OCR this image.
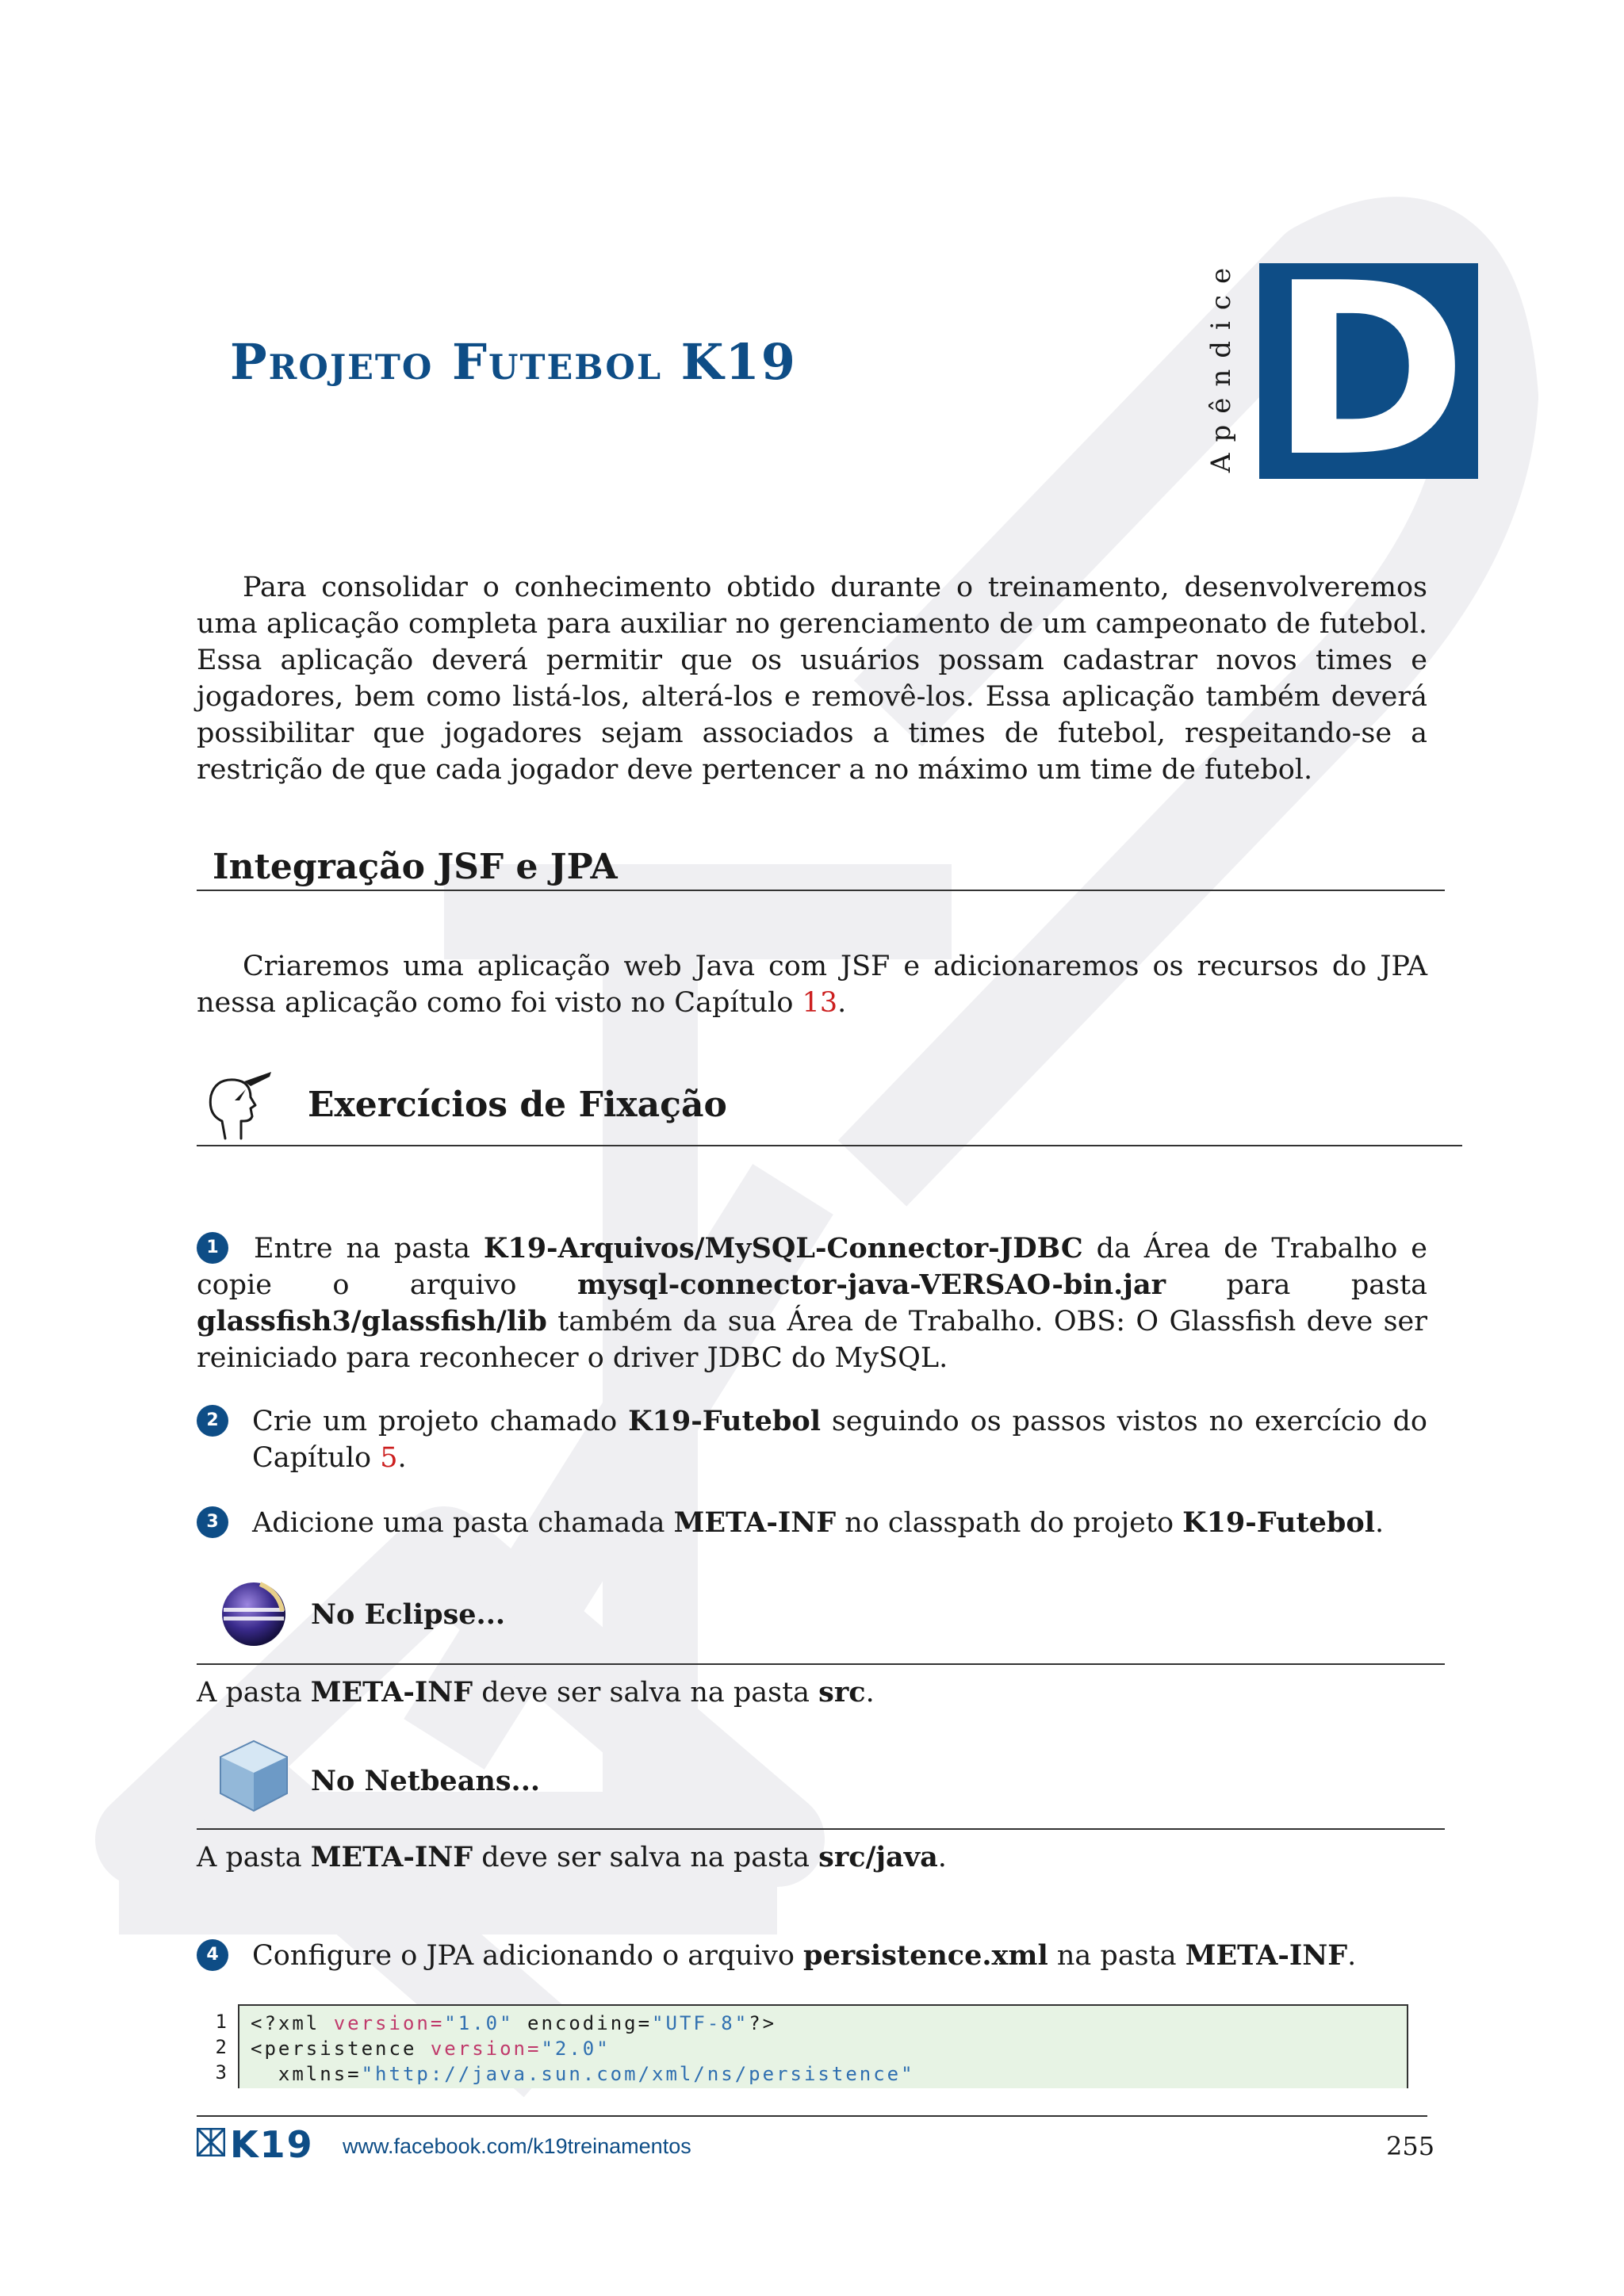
Projeto Futebol K19	Apêndice D
Para consolidar o conhecimento obtido durante o treinamento, desenvolveremos uma aplicação completa para auxiliar no gerenciamento de um campeonato de futebol. Essa aplicação deverá permitir que os usuários possam cadastrar novos times e jogadores, bem como listá-los, alterá-los e removê-los. Essa aplicação também deverá possibilitar que jogadores sejam associados a times de futebol, respeitando-se a restrição de que cada jogador deve pertencer a no máximo um time de futebol.
Integração JSF e JPA
Criaremos uma aplicação web Java com JSF e adicionaremos os recursos do JPA nessa aplicação como foi visto no Capítulo 13.
Exercícios de Fixação
1	Entre na pasta K19-Arquivos/MySQL-Connector-JDBC da Área de Trabalho e copie o arquivo mysql-connector-java-VERSAO-bin.jar para pasta glassfish3/glassfish/lib também da sua Área de Trabalho. OBS: O Glassfish deve ser reiniciado para reconhecer o driver JDBC do MySQL.
2	Crie um projeto chamado K19-Futebol seguindo os passos vistos no exercício do Capítulo 5.
3	Adicione uma pasta chamada META-INF no classpath do projeto K19-Futebol.
No Eclipse...
A pasta META-INF deve ser salva na pasta src.
No Netbeans...
A pasta META-INF deve ser salva na pasta src/java.
4	Configure o JPA adicionando o arquivo persistence.xml na pasta META-INF.
1
2
3
<?xml version="1.0" encoding="UTF-8"?>
<persistence version="2.0"
xmlns="http://java.sun.com/xml/ns/persistence"
K19 www.facebook.com/k19treinamentos	255
